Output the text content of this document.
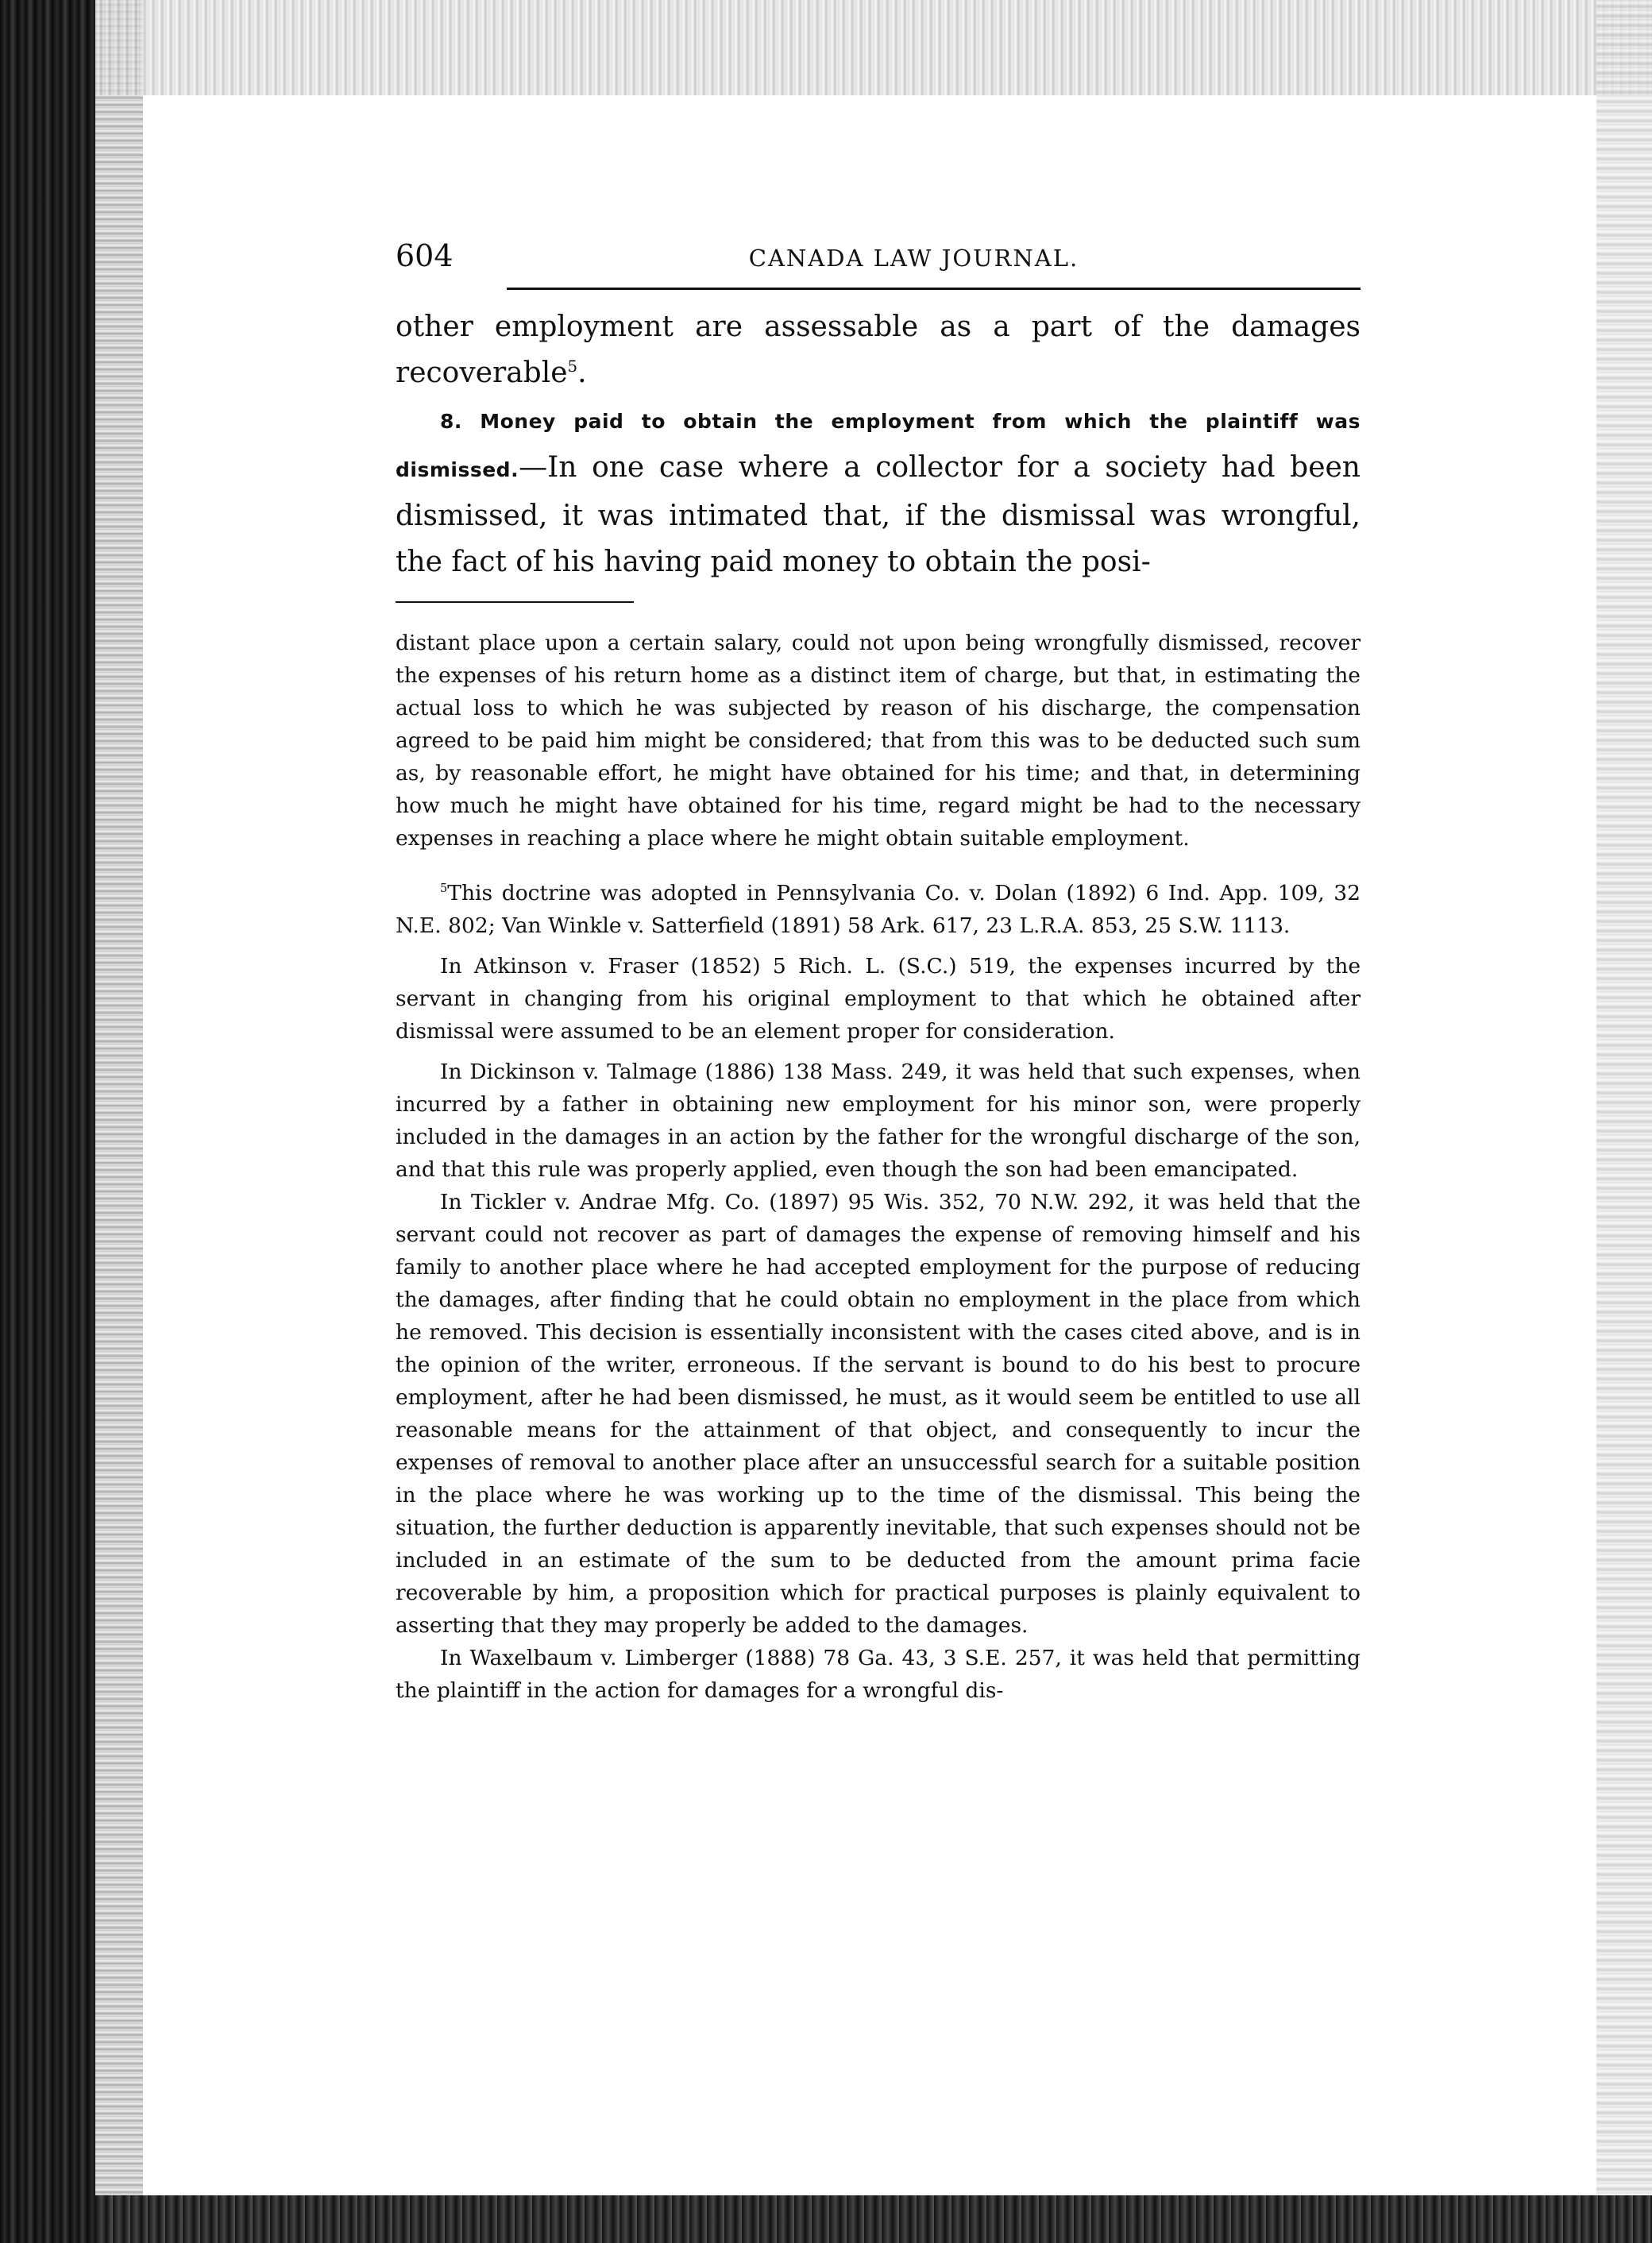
604	CANADA LAW JOURNAL.

other employment are assessable as a part of the damages recoverable$^5$.

8. Money paid to obtain the employment from which the plaintiff was dismissed.—In one case where a collector for a society had been dismissed, it was intimated that, if the dismissal was wrongful, the fact of his having paid money to obtain the posi-

distant place upon a certain salary, could not upon being wrongfully dismissed, recover the expenses of his return home as a distinct item of charge, but that, in estimating the actual loss to which he was subjected by reason of his discharge, the compensation agreed to be paid him might be considered; that from this was to be deducted such sum as, by reasonable effort, he might have obtained for his time; and that, in determining how much he might have obtained for his time, regard might be had to the necessary expenses in reaching a place where he might obtain suitable employment.

$^5$This doctrine was adopted in Pennsylvania Co. v. Dolan (1892) 6 Ind. App. 109, 32 N.E. 802; Van Winkle v. Satterfield (1891) 58 Ark. 617, 23 L.R.A. 853, 25 S.W. 1113.

In Atkinson v. Fraser (1852) 5 Rich. L. (S.C.) 519, the expenses incurred by the servant in changing from his original employment to that which he obtained after dismissal were assumed to be an element proper for consideration.

In Dickinson v. Talmage (1886) 138 Mass. 249, it was held that such expenses, when incurred by a father in obtaining new employment for his minor son, were properly included in the damages in an action by the father for the wrongful discharge of the son, and that this rule was properly applied, even though the son had been emancipated.

In Tickler v. Andrae Mfg. Co. (1897) 95 Wis. 352, 70 N.W. 292, it was held that the servant could not recover as part of damages the expense of removing himself and his family to another place where he had accepted employment for the purpose of reducing the damages, after finding that he could obtain no employment in the place from which he removed. This decision is essentially inconsistent with the cases cited above, and is in the opinion of the writer, erroneous. If the servant is bound to do his best to procure employment, after he had been dismissed, he must, as it would seem be entitled to use all reasonable means for the attainment of that object, and consequently to incur the expenses of removal to another place after an unsuccessful search for a suitable position in the place where he was working up to the time of the dismissal. This being the situation, the further deduction is apparently inevitable, that such expenses should not be included in an estimate of the sum to be deducted from the amount prima facie recoverable by him, a proposition which for practical purposes is plainly equivalent to asserting that they may properly be added to the damages.

In Waxelbaum v. Limberger (1888) 78 Ga. 43, 3 S.E. 257, it was held that permitting the plaintiff in the action for damages for a wrongful dis-
